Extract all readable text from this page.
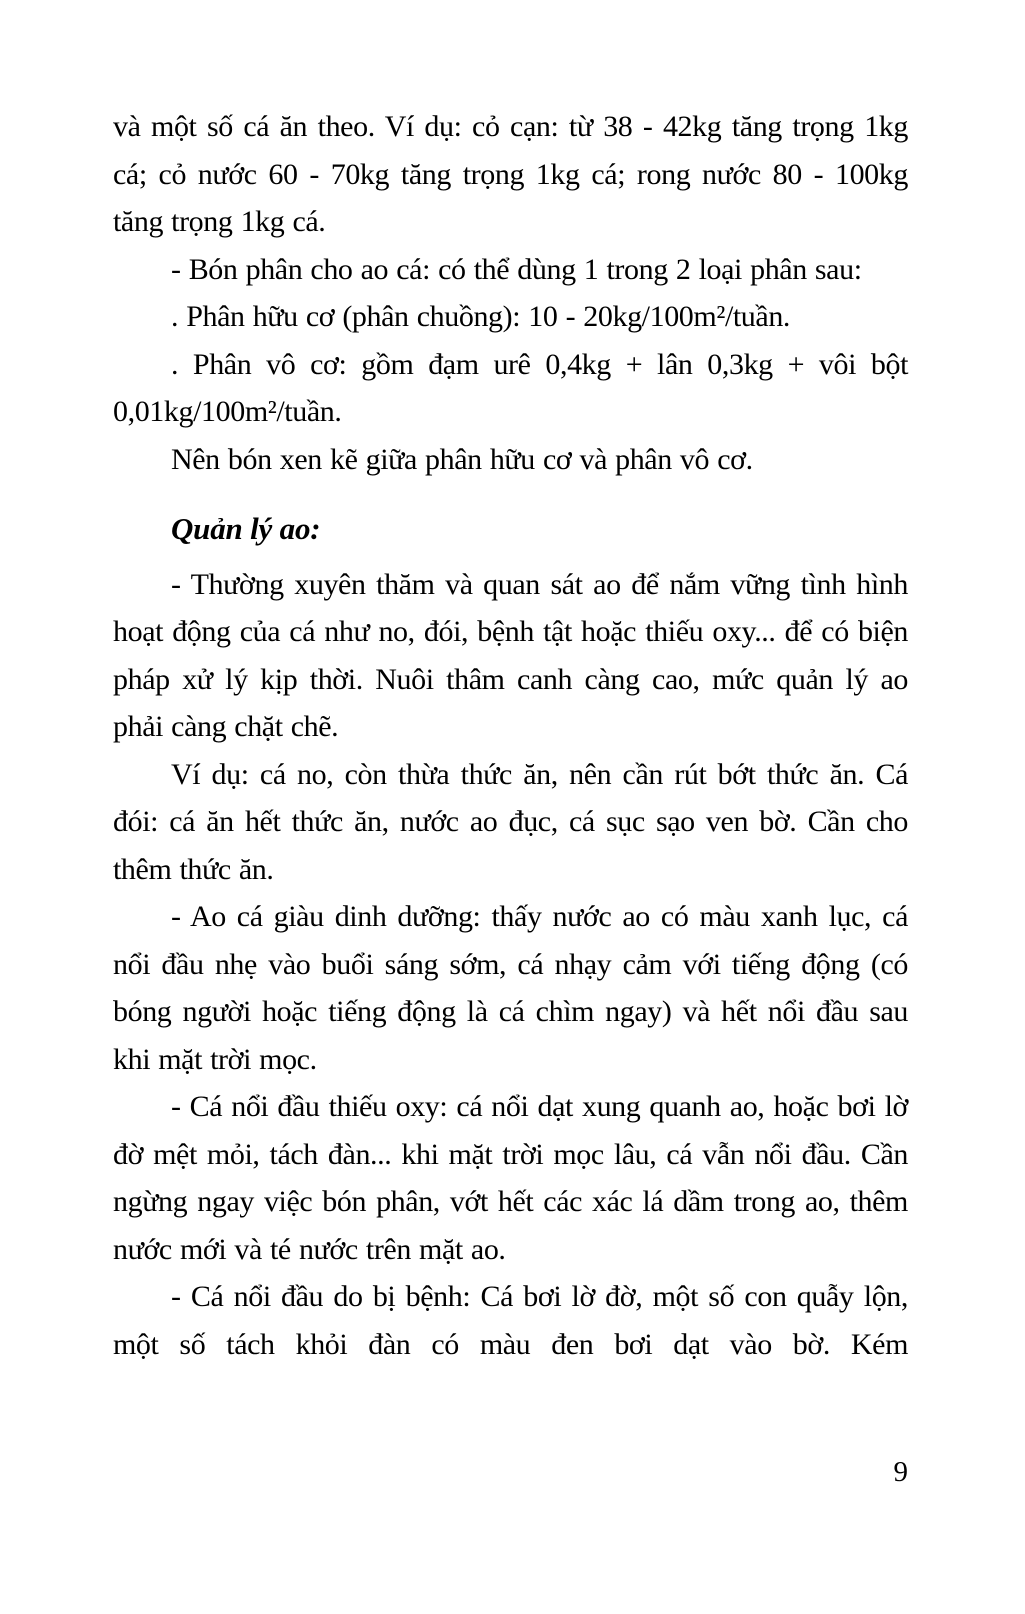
và một số cá ăn theo. Ví dụ: cỏ cạn: từ 38 - 42kg tăng trọng 1kg cá; cỏ nước 60 - 70kg tăng trọng 1kg cá; rong nước 80 - 100kg tăng trọng 1kg cá.

- Bón phân cho ao cá: có thể dùng 1 trong 2 loại phân sau:

. Phân hữu cơ (phân chuồng): 10 - 20kg/100m²/tuần.

. Phân vô cơ: gồm đạm urê 0,4kg + lân 0,3kg + vôi bột 0,01kg/100m²/tuần.

Nên bón xen kẽ giữa phân hữu cơ và phân vô cơ.

Quản lý ao:

- Thường xuyên thăm và quan sát ao để nắm vững tình hình hoạt động của cá như no, đói, bệnh tật hoặc thiếu oxy... để có biện pháp xử lý kịp thời. Nuôi thâm canh càng cao, mức quản lý ao phải càng chặt chẽ.

Ví dụ: cá no, còn thừa thức ăn, nên cần rút bớt thức ăn. Cá đói: cá ăn hết thức ăn, nước ao đục, cá sục sạo ven bờ. Cần cho thêm thức ăn.

- Ao cá giàu dinh dưỡng: thấy nước ao có màu xanh lục, cá nổi đầu nhẹ vào buổi sáng sớm, cá nhạy cảm với tiếng động (có bóng người hoặc tiếng động là cá chìm ngay) và hết nổi đầu sau khi mặt trời mọc.

- Cá nổi đầu thiếu oxy: cá nổi dạt xung quanh ao, hoặc bơi lờ đờ mệt mỏi, tách đàn... khi mặt trời mọc lâu, cá vẫn nổi đầu. Cần ngừng ngay việc bón phân, vớt hết các xác lá dầm trong ao, thêm nước mới và té nước trên mặt ao.

- Cá nổi đầu do bị bệnh: Cá bơi lờ đờ, một số con quẫy lộn, một số tách khỏi đàn có màu đen bơi dạt vào bờ. Kém

9
